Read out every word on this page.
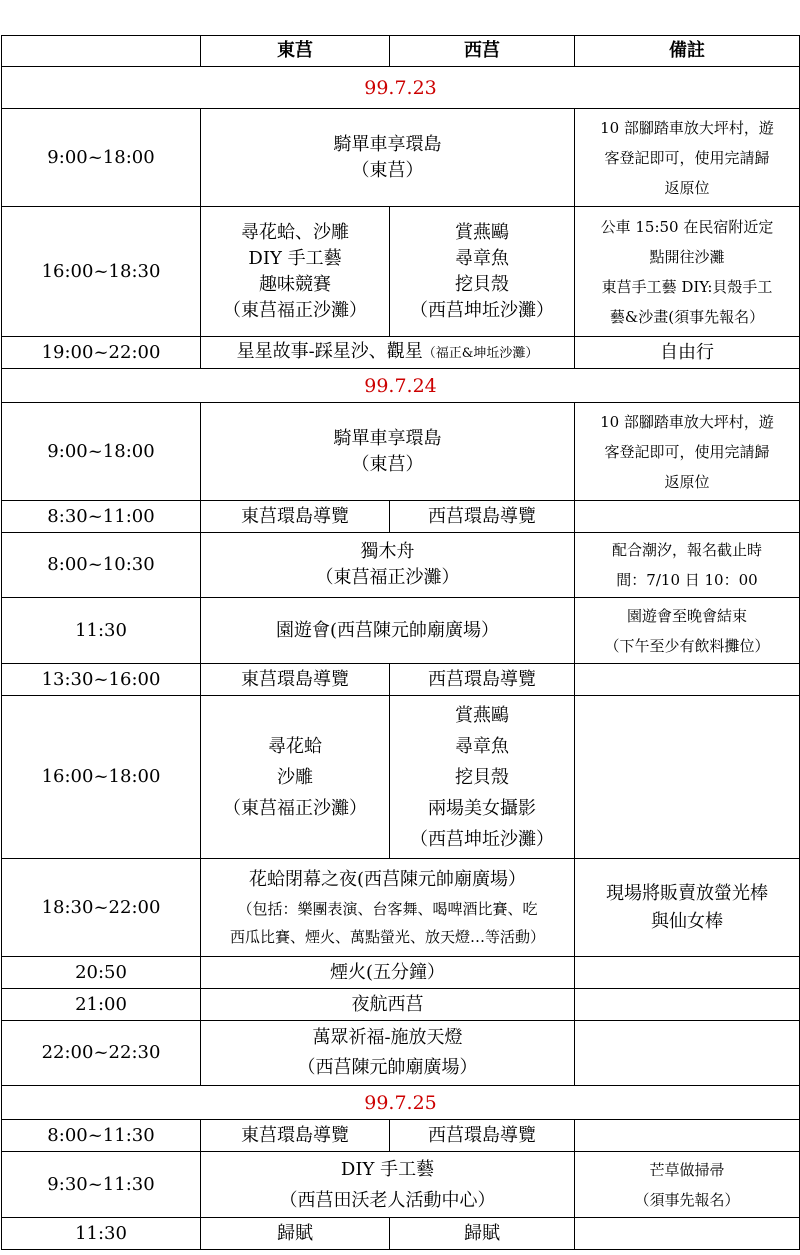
	東莒	西莒	備註
99.7.23			
9:00~18:00	騎單車享環島
（東莒）		10 部腳踏車放大坪村，遊
客登記即可，使用完請歸
返原位

16:00~18:30	尋花蛤、沙雕
DIY 手工藝
趣味競賽
（東莒福正沙灘）	賞燕鷗
尋章魚
挖貝殼
（西莒坤坵沙灘）	公車 15:50 在民宿附近定
點開往沙灘
東莒手工藝 DIY:貝殼手工
藝&沙畫(須事先報名）

19:00~22:00	星星故事-踩星沙、觀星（福正&坤坵沙灘）		自由行
99.7.24			
9:00~18:00	騎單車享環島
（東莒）		10 部腳踏車放大坪村，遊
客登記即可，使用完請歸
返原位

8:30~11:00	東莒環島導覽	西莒環島導覽	
8:00~10:30	獨木舟
（東莒福正沙灘）		配合潮汐，報名截止時
間：7/10 日 10：00

11:30	園遊會(西莒陳元帥廟廣場）		園遊會至晚會結束
（下午至少有飲料攤位）

13:30~16:00	東莒環島導覽	西莒環島導覽	
16:00~18:00	尋花蛤
沙雕
（東莒福正沙灘）	賞燕鷗
尋章魚
挖貝殼
兩場美女攝影
（西莒坤坵沙灘）	

18:30~22:00	花蛤閉幕之夜(西莒陳元帥廟廣場）
（包括：樂團表演、台客舞、喝啤酒比賽、吃
西瓜比賽、煙火、萬點螢光、放天燈…等活動）		現場將販賣放螢光棒
與仙女棒

20:50	煙火(五分鐘）		
21:00	夜航西莒		
22:00~22:30	萬眾祈福-施放天燈
（西莒陳元帥廟廣場）		

99.7.25			
8:00~11:30	東莒環島導覽	西莒環島導覽	
9:30~11:30	DIY 手工藝
（西莒田沃老人活動中心）		芒草做掃帚
（須事先報名）

11:30	歸賦	歸賦	
